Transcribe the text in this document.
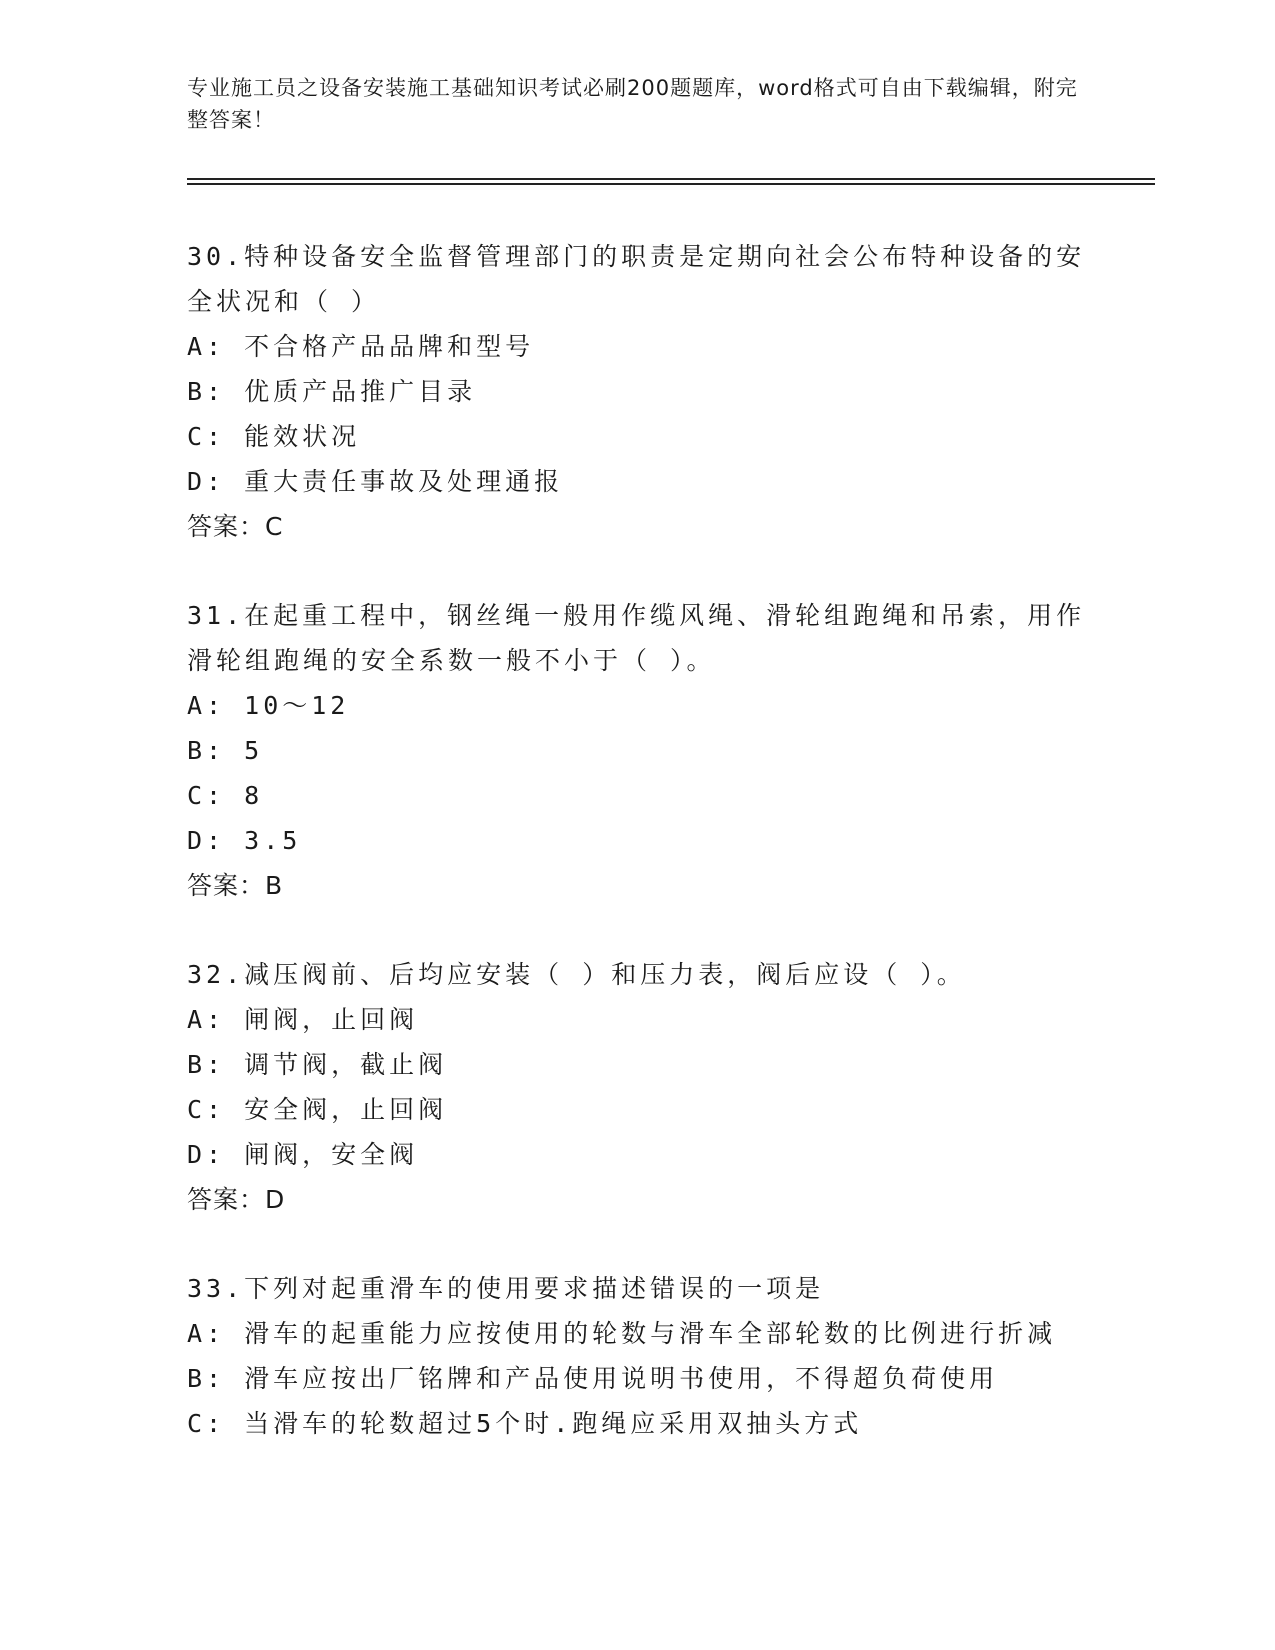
专业施工员之设备安装施工基础知识考试必刷200题题库，word格式可自由下载编辑，附完整答案！

30.特种设备安全监督管理部门的职责是定期向社会公布特种设备的安全状况和（ ）

A: 不合格产品品牌和型号

B: 优质产品推广目录

C: 能效状况

D: 重大责任事故及处理通报

答案：C

31.在起重工程中，钢丝绳一般用作缆风绳、滑轮组跑绳和吊索，用作滑轮组跑绳的安全系数一般不小于（ ）。

A: 10～12

B: 5

C: 8

D: 3.5

答案：B

32.减压阀前、后均应安装（ ）和压力表，阀后应设（ ）。

A: 闸阀，止回阀

B: 调节阀，截止阀

C: 安全阀，止回阀

D: 闸阀，安全阀

答案：D

33.下列对起重滑车的使用要求描述错误的一项是

A: 滑车的起重能力应按使用的轮数与滑车全部轮数的比例进行折减

B: 滑车应按出厂铭牌和产品使用说明书使用，不得超负荷使用

C: 当滑车的轮数超过5个时.跑绳应采用双抽头方式
